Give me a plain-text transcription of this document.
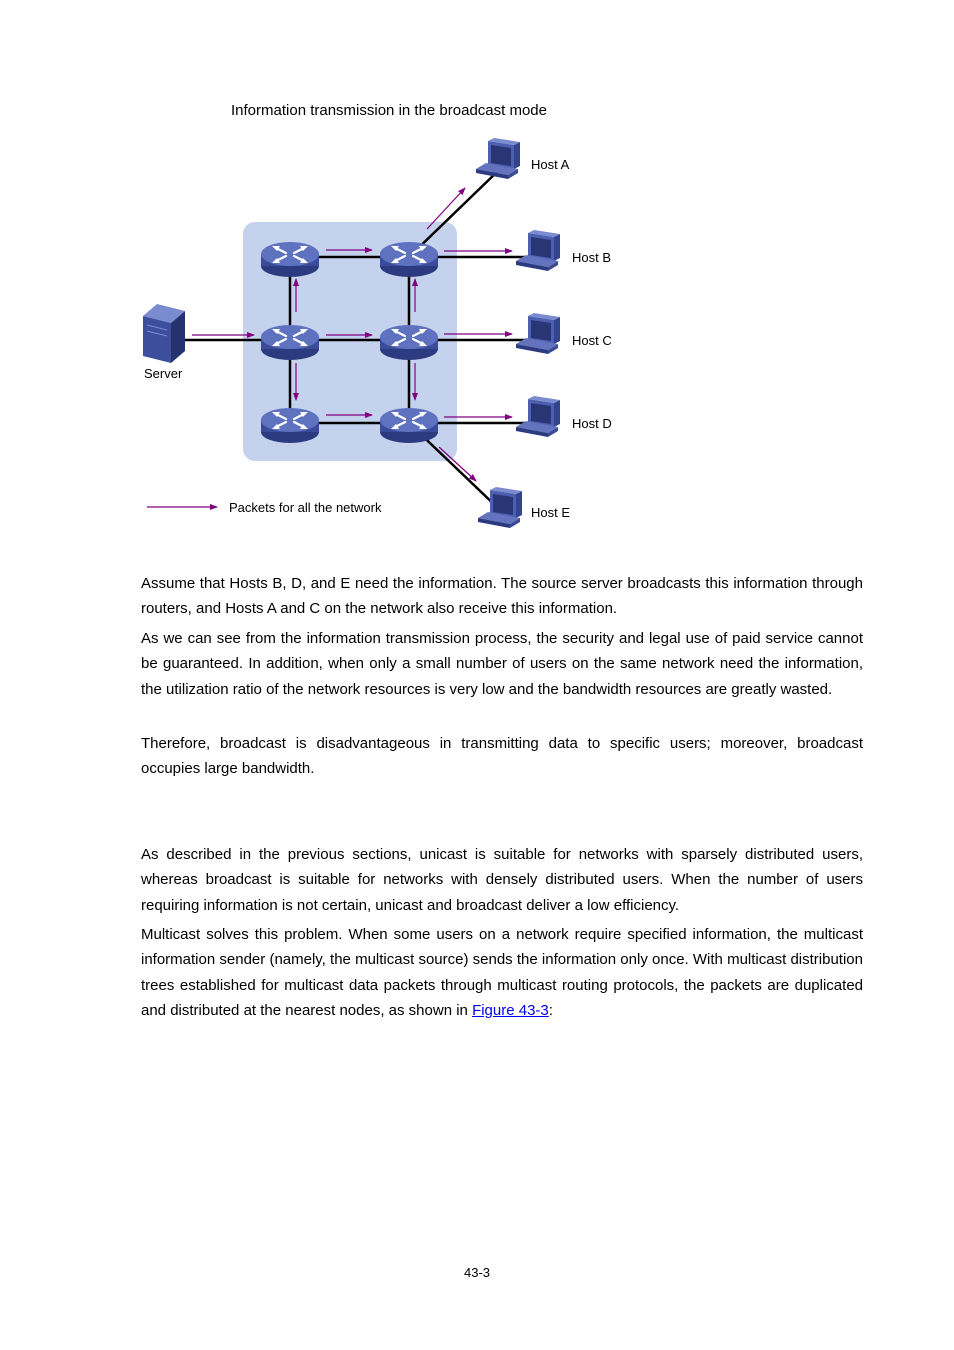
Information transmission in the broadcast mode
Host A
Host B
Host C
Host D
Host E
Server
Packets for all the network

Assume that Hosts B, D, and E need the information. The source server broadcasts this information through routers, and Hosts A and C on the network also receive this information.

As we can see from the information transmission process, the security and legal use of paid service cannot be guaranteed. In addition, when only a small number of users on the same network need the information, the utilization ratio of the network resources is very low and the bandwidth resources are greatly wasted.

Therefore, broadcast is disadvantageous in transmitting data to specific users; moreover, broadcast occupies large bandwidth.

As described in the previous sections, unicast is suitable for networks with sparsely distributed users, whereas broadcast is suitable for networks with densely distributed users. When the number of users requiring information is not certain, unicast and broadcast deliver a low efficiency.

Multicast solves this problem. When some users on a network require specified information, the multicast information sender (namely, the multicast source) sends the information only once. With multicast distribution trees established for multicast data packets through multicast routing protocols, the packets are duplicated and distributed at the nearest nodes, as shown in Figure 43-3:

43-3
